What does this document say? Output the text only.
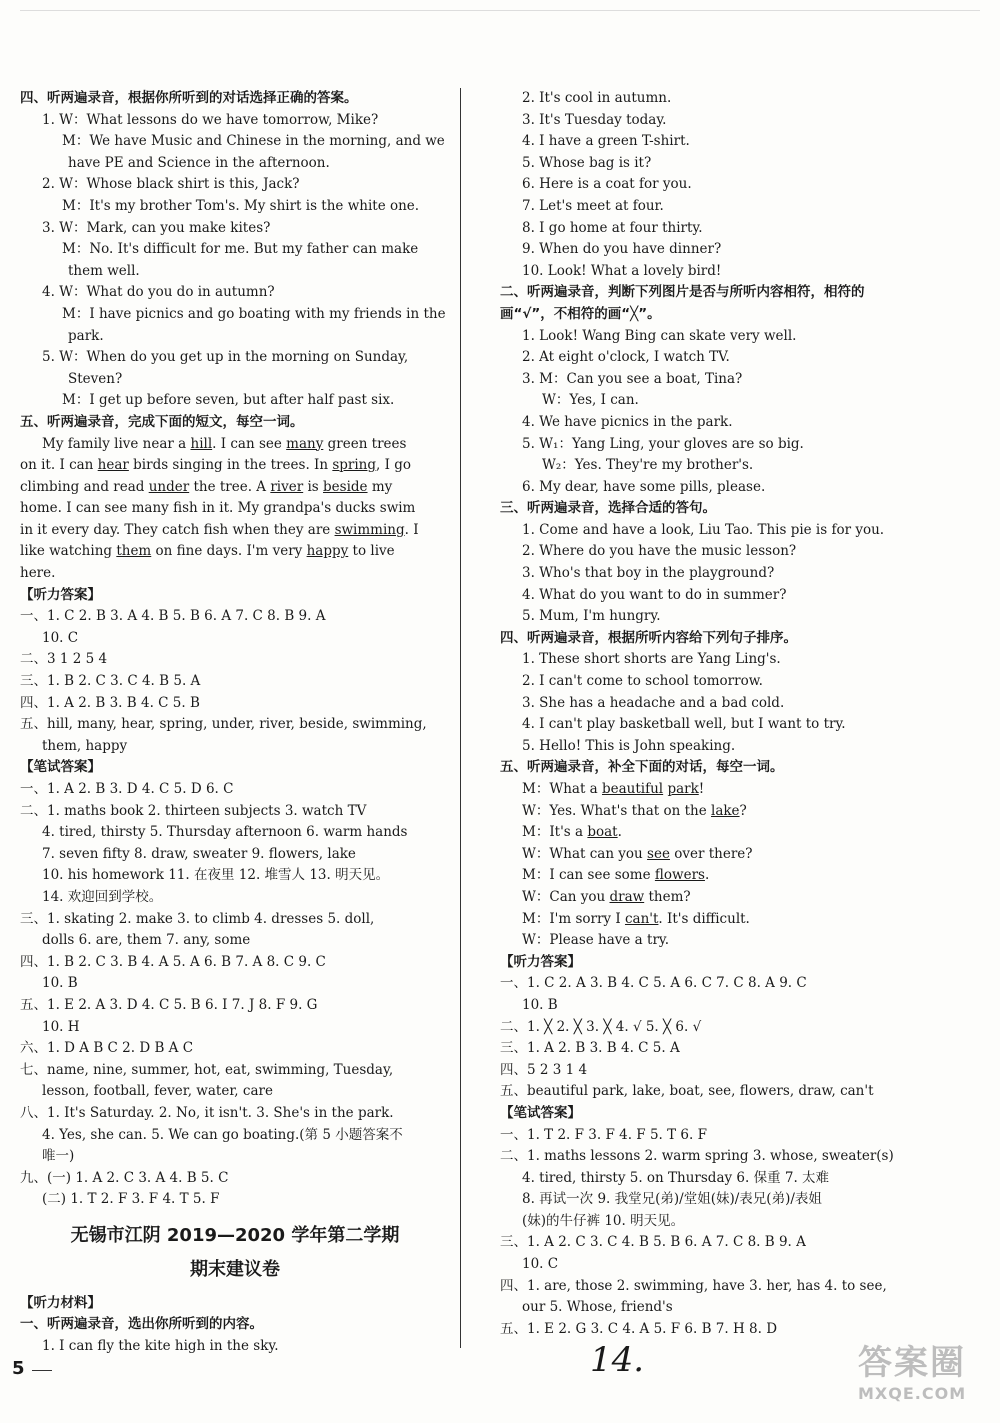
四、听两遍录音，根据你所听到的对话选择正确的答案。
1. W：What lessons do we have tomorrow, Mike?
M：We have Music and Chinese in the morning, and we
have PE and Science in the afternoon.
2. W：Whose black shirt is this, Jack?
M：It's my brother Tom's. My shirt is the white one.
3. W：Mark, can you make kites?
M：No. It's difficult for me. But my father can make
them well.
4. W：What do you do in autumn?
M：I have picnics and go boating with my friends in the
park.
5. W：When do you get up in the morning on Sunday,
Steven?
M：I get up before seven, but after half past six.
五、听两遍录音，完成下面的短文，每空一词。
My family live near a hill. I can see many green trees
on it. I can hear birds singing in the trees. In spring, I go
climbing and read under the tree. A river is beside my
home. I can see many fish in it. My grandpa's ducks swim
in it every day. They catch fish when they are swimming. I
like watching them on fine days. I'm very happy to live
here.
【听力答案】
一、1. C 2. B 3. A 4. B 5. B 6. A 7. C 8. B 9. A
10. C
二、3 1 2 5 4
三、1. B 2. C 3. C 4. B 5. A
四、1. A 2. B 3. B 4. C 5. B
五、hill, many, hear, spring, under, river, beside, swimming,
them, happy
【笔试答案】
一、1. A 2. B 3. D 4. C 5. D 6. C
二、1. maths book 2. thirteen subjects 3. watch TV
4. tired, thirsty 5. Thursday afternoon 6. warm hands
7. seven fifty 8. draw, sweater 9. flowers, lake
10. his homework 11. 在夜里 12. 堆雪人 13. 明天见。
14. 欢迎回到学校。
三、1. skating 2. make 3. to climb 4. dresses 5. doll,
dolls 6. are, them 7. any, some
四、1. B 2. C 3. B 4. A 5. A 6. B 7. A 8. C 9. C
10. B
五、1. E 2. A 3. D 4. C 5. B 6. I 7. J 8. F 9. G
10. H
六、1. D A B C 2. D B A C
七、name, nine, summer, hot, eat, swimming, Tuesday,
lesson, football, fever, water, care
八、1. It's Saturday. 2. No, it isn't. 3. She's in the park.
4. Yes, she can. 5. We can go boating.(第 5 小题答案不
唯一)
九、(一) 1. A 2. C 3. A 4. B 5. C
(二) 1. T 2. F 3. F 4. T 5. F
无锡市江阴 2019—2020 学年第二学期
期末建议卷
【听力材料】
一、听两遍录音，选出你所听到的内容。
1. I can fly the kite high in the sky.
2. It's cool in autumn.
3. It's Tuesday today.
4. I have a green T-shirt.
5. Whose bag is it?
6. Here is a coat for you.
7. Let's meet at four.
8. I go home at four thirty.
9. When do you have dinner?
10. Look! What a lovely bird!
二、听两遍录音，判断下列图片是否与所听内容相符，相符的
画“√”，不相符的画“╳”。
1. Look! Wang Bing can skate very well.
2. At eight o'clock, I watch TV.
3. M：Can you see a boat, Tina?
W：Yes, I can.
4. We have picnics in the park.
5. W₁：Yang Ling, your gloves are so big.
W₂：Yes. They're my brother's.
6. My dear, have some pills, please.
三、听两遍录音，选择合适的答句。
1. Come and have a look, Liu Tao. This pie is for you.
2. Where do you have the music lesson?
3. Who's that boy in the playground?
4. What do you want to do in summer?
5. Mum, I'm hungry.
四、听两遍录音，根据所听内容给下列句子排序。
1. These short shorts are Yang Ling's.
2. I can't come to school tomorrow.
3. She has a headache and a bad cold.
4. I can't play basketball well, but I want to try.
5. Hello! This is John speaking.
五、听两遍录音，补全下面的对话，每空一词。
M：What a beautiful park!
W：Yes. What's that on the lake?
M：It's a boat.
W：What can you see over there?
M：I can see some flowers.
W：Can you draw them?
M：I'm sorry I can't. It's difficult.
W：Please have a try.
【听力答案】
一、1. C 2. A 3. B 4. C 5. A 6. C 7. C 8. A 9. C
10. B
二、1. ╳ 2. ╳ 3. ╳ 4. √ 5. ╳ 6. √
三、1. A 2. B 3. B 4. C 5. A
四、5 2 3 1 4
五、beautiful park, lake, boat, see, flowers, draw, can't
【笔试答案】
一、1. T 2. F 3. F 4. F 5. T 6. F
二、1. maths lessons 2. warm spring 3. whose, sweater(s)
4. tired, thirsty 5. on Thursday 6. 保重 7. 太难
8. 再试一次 9. 我堂兄(弟)/堂姐(妹)/表兄(弟)/表姐
(妹)的牛仔裤 10. 明天见。
三、1. A 2. C 3. C 4. B 5. B 6. A 7. C 8. B 9. A
10. C
四、1. are, those 2. swimming, have 3. her, has 4. to see,
our 5. Whose, friend's
五、1. E 2. G 3. C 4. A 5. F 6. B 7. H 8. D
5	14.	答案圈
MXQE.COM
